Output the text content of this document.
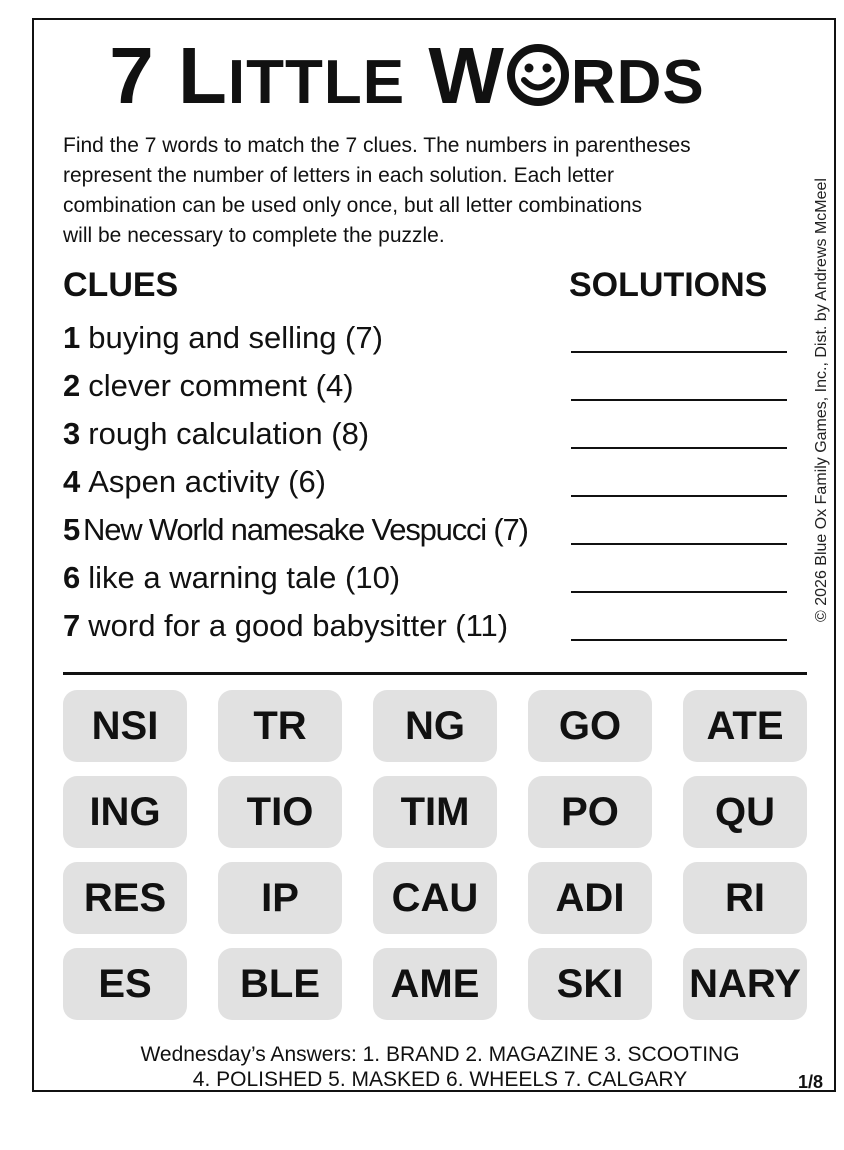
7 LITTLE W RDS
Find the 7 words to match the 7 clues. The numbers in parentheses
represent the number of letters in each solution. Each letter
combination can be used only once, but all letter combinations
will be necessary to complete the puzzle.	© 2026 Blue Ox Family Games, Inc., Dist. by Andrews McMeel
CLUES	SOLUTIONS
1 buying and selling (7)
2 clever comment (4)
3 rough calculation (8)
4 Aspen activity (6)
5 New World namesake Vespucci (7)
6 like a warning tale (10)
7 word for a good babysitter (11)
NSI	TR	NG	GO	ATE
ING	TIO	TIM	PO	QU
RES	IP	CAU	ADI	RI
ES	BLE	AME	SKI	NARY
Wednesday’s Answers: 1. BRAND 2. MAGAZINE 3. SCOOTING
4. POLISHED 5. MASKED 6. WHEELS 7. CALGARY	1/8
